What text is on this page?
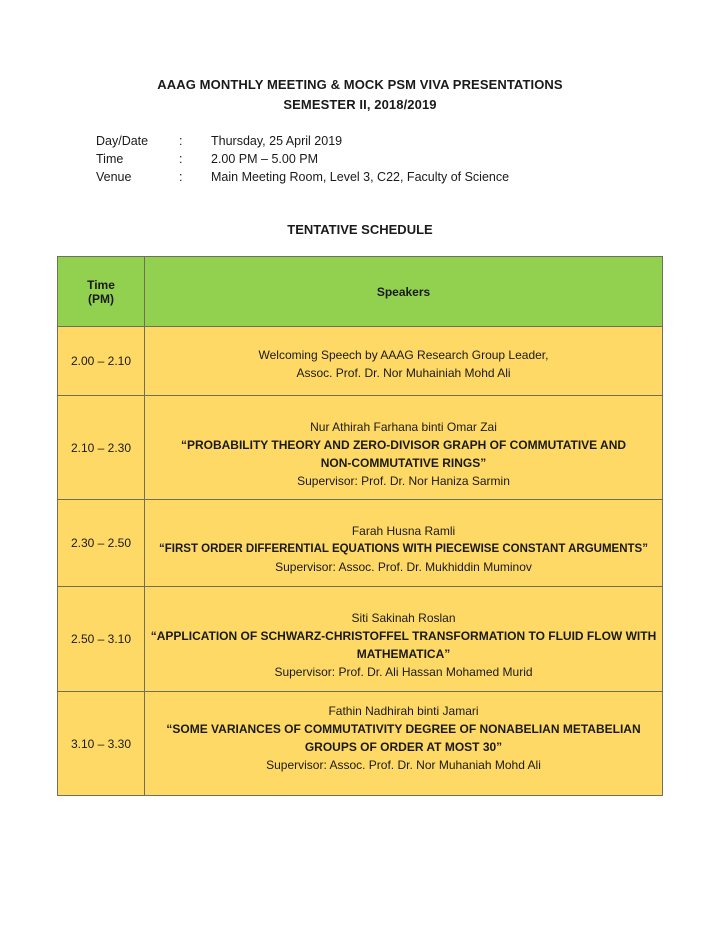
AAAG MONTHLY MEETING & MOCK PSM VIVA PRESENTATIONS
SEMESTER II, 2018/2019
Day/Date : Thursday, 25 April 2019
Time	: 2.00 PM – 5.00 PM
Venue	: Main Meeting Room, Level 3, C22, Faculty of Science
TENTATIVE SCHEDULE
Time
(PM)	Speakers
2.00 – 2.10	Welcoming Speech by AAAG Research Group Leader,
Assoc. Prof. Dr. Nor Muhainiah Mohd Ali

2.10 – 2.30	Nur Athirah Farhana binti Omar Zai
“PROBABILITY THEORY AND ZERO-DIVISOR GRAPH OF COMMUTATIVE AND
NON-COMMUTATIVE RINGS”
Supervisor: Prof. Dr. Nor Haniza Sarmin

2.30 – 2.50	Farah Husna Ramli
“FIRST ORDER DIFFERENTIAL EQUATIONS WITH PIECEWISE CONSTANT ARGUMENTS”
Supervisor: Assoc. Prof. Dr. Mukhiddin Muminov

2.50 – 3.10	Siti Sakinah Roslan
“APPLICATION OF SCHWARZ-CHRISTOFFEL TRANSFORMATION TO FLUID FLOW WITH
MATHEMATICA”
Supervisor: Prof. Dr. Ali Hassan Mohamed Murid

3.10 – 3.30	Fathin Nadhirah binti Jamari
“SOME VARIANCES OF COMMUTATIVITY DEGREE OF NONABELIAN METABELIAN
GROUPS OF ORDER AT MOST 30”
Supervisor: Assoc. Prof. Dr. Nor Muhaniah Mohd Ali
